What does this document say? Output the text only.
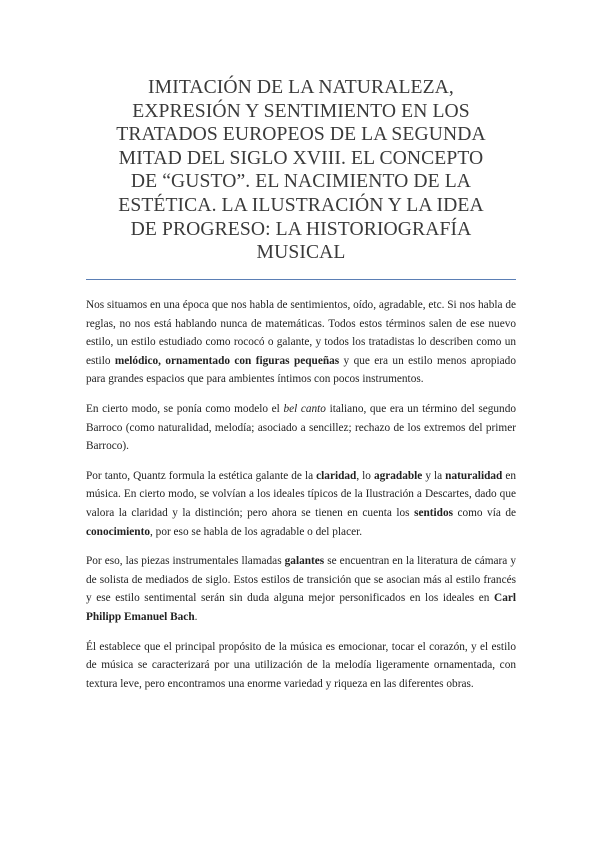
IMITACIÓN DE LA NATURALEZA,
EXPRESIÓN Y SENTIMIENTO EN LOS
TRATADOS EUROPEOS DE LA SEGUNDA
MITAD DEL SIGLO XVIII. EL CONCEPTO
DE “GUSTO”. EL NACIMIENTO DE LA
ESTÉTICA. LA ILUSTRACIÓN Y LA IDEA
DE PROGRESO: LA HISTORIOGRAFÍA
MUSICAL

Nos situamos en una época que nos habla de sentimientos, oído, agradable, etc. Si nos habla de reglas, no nos está hablando nunca de matemáticas. Todos estos términos salen de ese nuevo estilo, un estilo estudiado como rococó o galante, y todos los tratadistas lo describen como un estilo melódico, ornamentado con figuras pequeñas y que era un estilo menos apropiado para grandes espacios que para ambientes íntimos con pocos instrumentos.

En cierto modo, se ponía como modelo el bel canto italiano, que era un término del segundo Barroco (como naturalidad, melodía; asociado a sencillez; rechazo de los extremos del primer Barroco).

Por tanto, Quantz formula la estética galante de la claridad, lo agradable y la naturalidad en música. En cierto modo, se volvían a los ideales típicos de la Ilustración a Descartes, dado que valora la claridad y la distinción; pero ahora se tienen en cuenta los sentidos como vía de conocimiento, por eso se habla de los agradable o del placer.

Por eso, las piezas instrumentales llamadas galantes se encuentran en la literatura de cámara y de solista de mediados de siglo. Estos estilos de transición que se asocian más al estilo francés y ese estilo sentimental serán sin duda alguna mejor personificados en los ideales en Carl Philipp Emanuel Bach.

Él establece que el principal propósito de la música es emocionar, tocar el corazón, y el estilo de música se caracterizará por una utilización de la melodía ligeramente ornamentada, con textura leve, pero encontramos una enorme variedad y riqueza en las diferentes obras.
